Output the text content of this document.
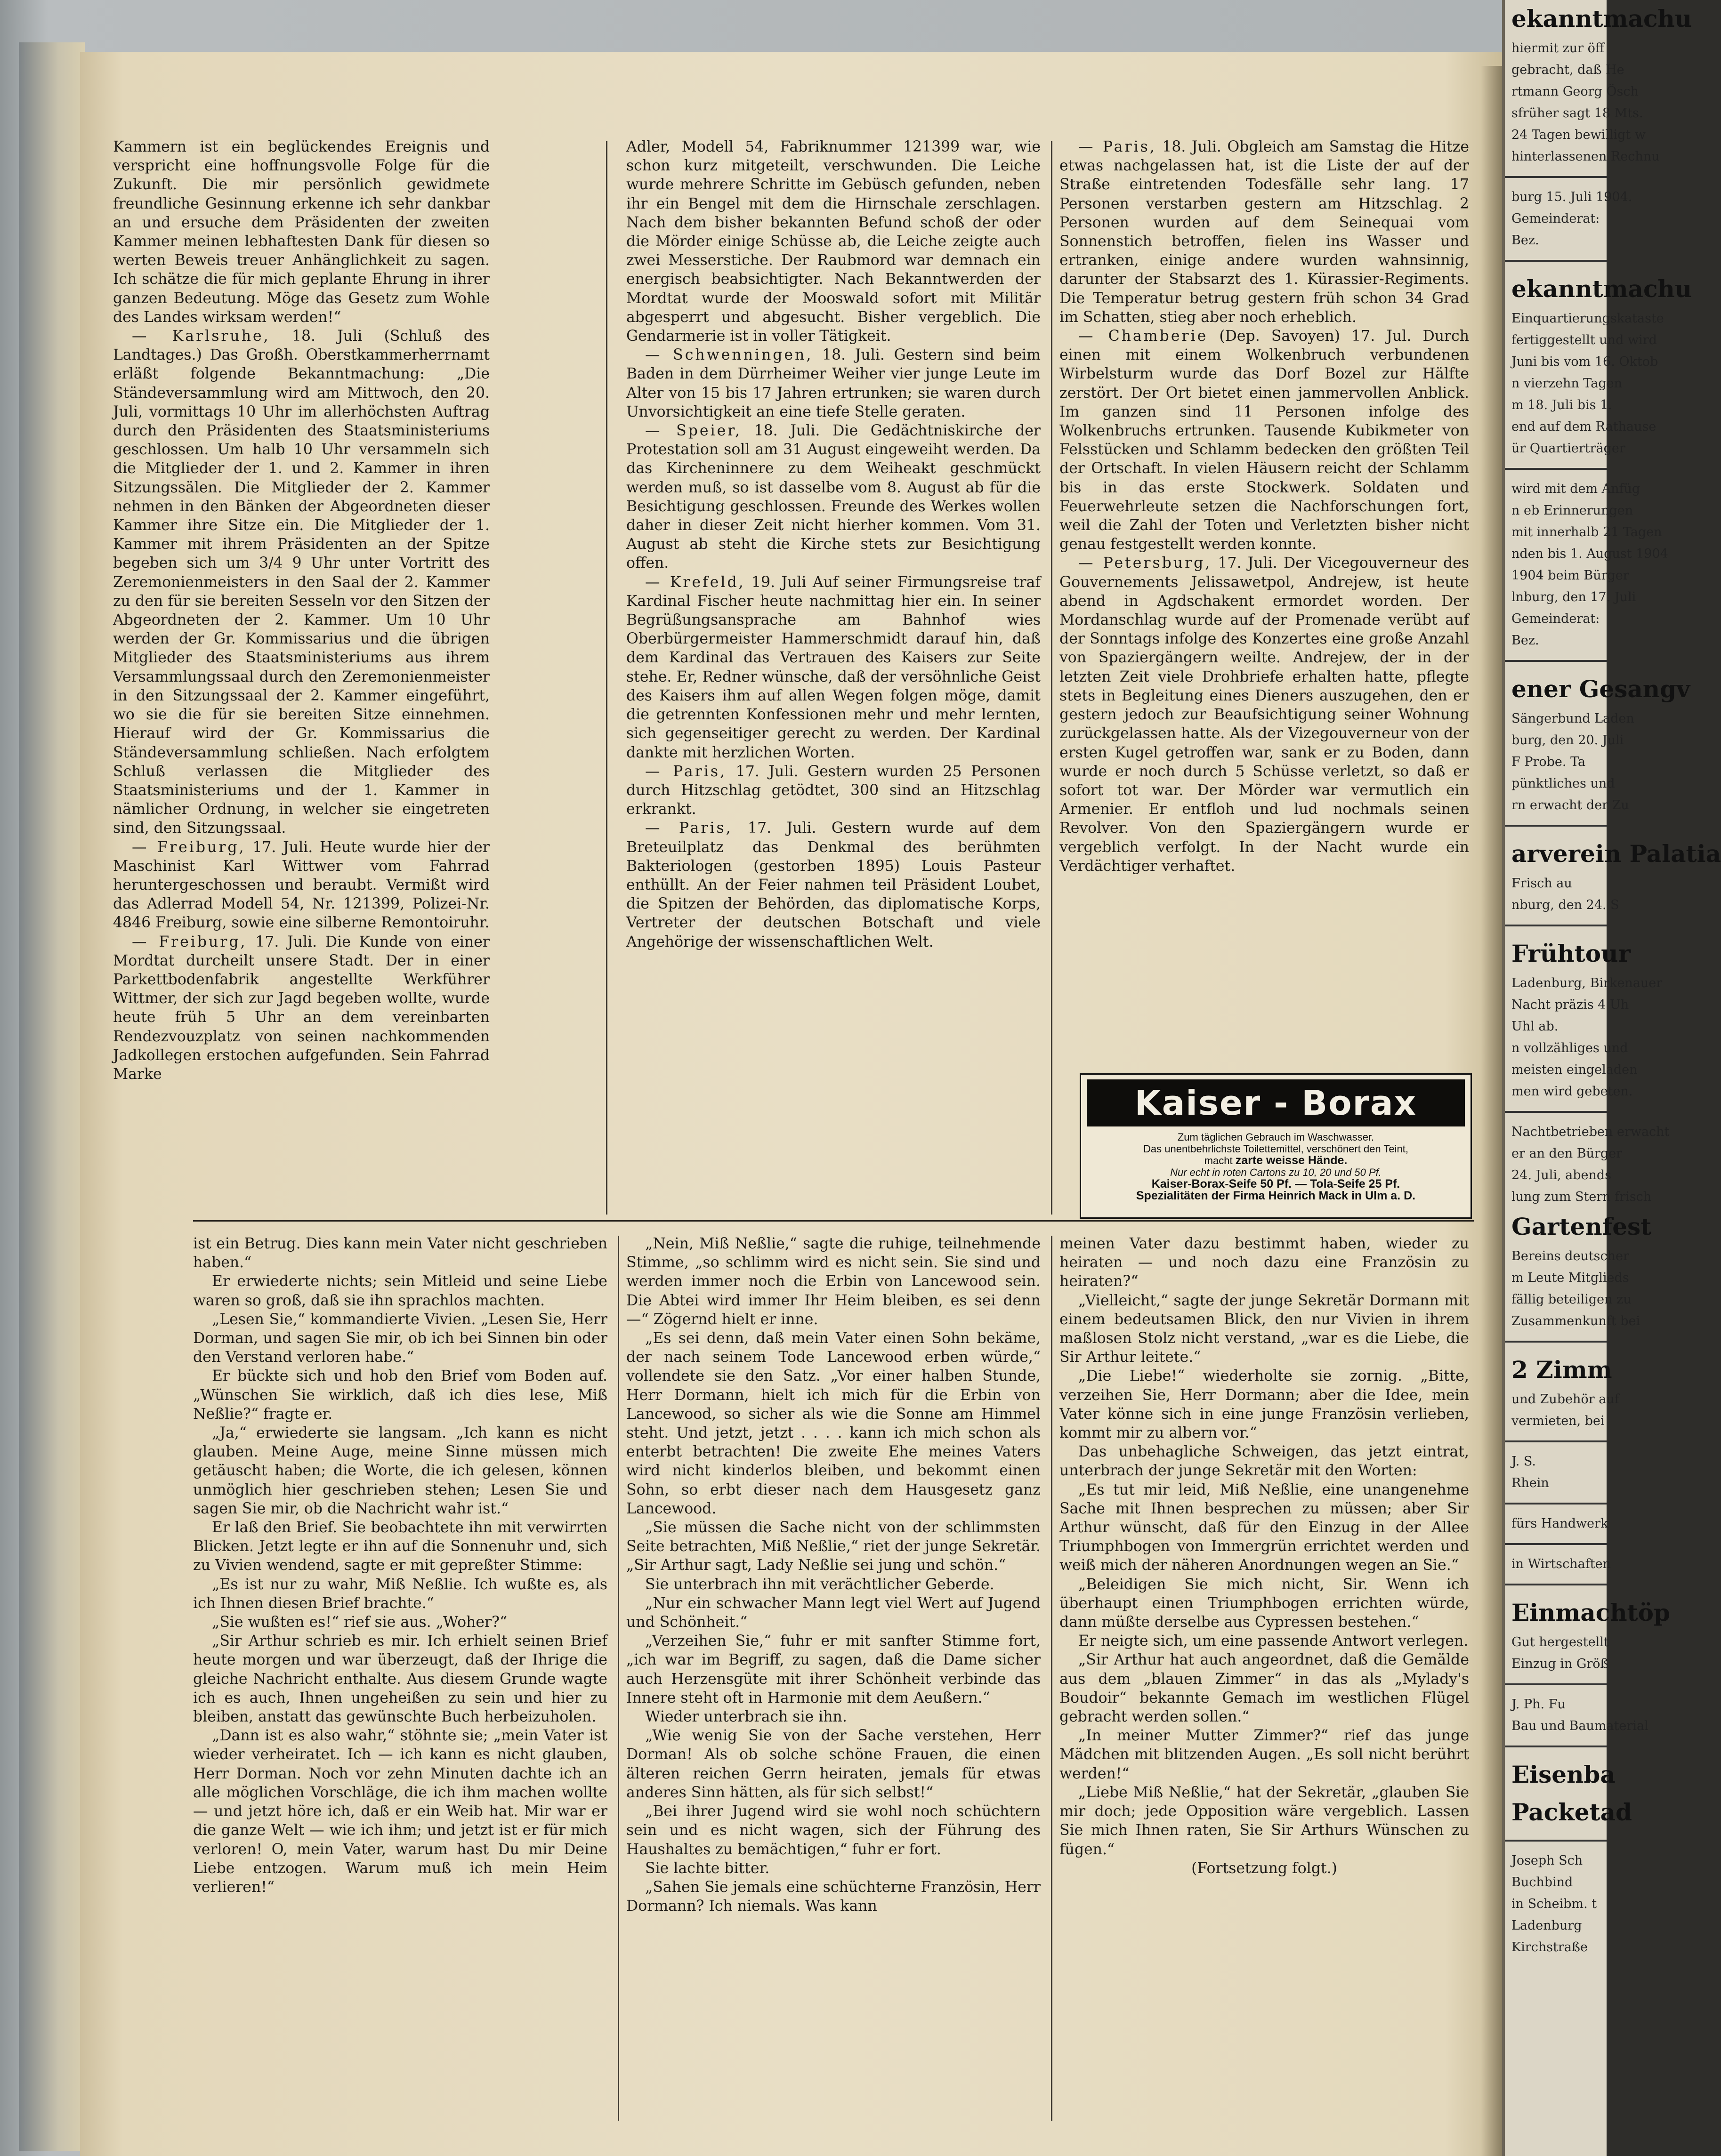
Kammern ist ein beglückendes Ereignis und verspricht eine hoffnungsvolle Folge für die Zukunft. Die mir persönlich gewidmete freundliche Gesinnung erkenne ich sehr dankbar an und ersuche dem Präsidenten der zweiten Kammer meinen lebhaftesten Dank für diesen so werten Beweis treuer Anhänglichkeit zu sagen. Ich schätze die für mich geplante Ehrung in ihrer ganzen Bedeutung. Möge das Gesetz zum Wohle des Landes wirksam werden!“

— Karlsruhe, 18. Juli (Schluß des Landtages.) Das Großh. Oberstkammerherrnamt erläßt folgende Bekanntmachung: „Die Ständeversammlung wird am Mittwoch, den 20. Juli, vormittags 10 Uhr im allerhöchsten Auftrag durch den Präsidenten des Staatsministeriums geschlossen. Um halb 10 Uhr versammeln sich die Mitglieder der 1. und 2. Kammer in ihren Sitzungssälen. Die Mitglieder der 2. Kammer nehmen in den Bänken der Abgeordneten dieser Kammer ihre Sitze ein. Die Mitglieder der 1. Kammer mit ihrem Präsidenten an der Spitze begeben sich um 3/4 9 Uhr unter Vortritt des Zeremonienmeisters in den Saal der 2. Kammer zu den für sie bereiten Sesseln vor den Sitzen der Abgeordneten der 2. Kammer. Um 10 Uhr werden der Gr. Kommissarius und die übrigen Mitglieder des Staatsministeriums aus ihrem Versammlungssaal durch den Zeremonienmeister in den Sitzungssaal der 2. Kammer eingeführt, wo sie die für sie bereiten Sitze einnehmen. Hierauf wird der Gr. Kommissarius die Ständeversammlung schließen. Nach erfolgtem Schluß verlassen die Mitglieder des Staatsministeriums und der 1. Kammer in nämlicher Ordnung, in welcher sie eingetreten sind, den Sitzungssaal.

— Freiburg, 17. Juli. Heute wurde hier der Maschinist Karl Wittwer vom Fahrrad heruntergeschossen und beraubt. Vermißt wird das Adlerrad Modell 54, Nr. 121399, Polizei-Nr. 4846 Freiburg, sowie eine silberne Remontoiruhr.

— Freiburg, 17. Juli. Die Kunde von einer Mordtat durcheilt unsere Stadt. Der in einer Parkettbodenfabrik angestellte Werkführer Wittmer, der sich zur Jagd begeben wollte, wurde heute früh 5 Uhr an dem vereinbarten Rendezvouzplatz von seinen nachkommenden Jadkollegen erstochen aufgefunden. Sein Fahrrad Marke

Adler, Modell 54, Fabriknummer 121399 war, wie schon kurz mitgeteilt, verschwunden. Die Leiche wurde mehrere Schritte im Gebüsch gefunden, neben ihr ein Bengel mit dem die Hirnschale zerschlagen. Nach dem bisher bekannten Befund schoß der oder die Mörder einige Schüsse ab, die Leiche zeigte auch zwei Messerstiche. Der Raubmord war demnach ein energisch beabsichtigter. Nach Bekanntwerden der Mordtat wurde der Mooswald sofort mit Militär abgesperrt und abgesucht. Bisher vergeblich. Die Gendarmerie ist in voller Tätigkeit.

— Schwenningen, 18. Juli. Gestern sind beim Baden in dem Dürrheimer Weiher vier junge Leute im Alter von 15 bis 17 Jahren ertrunken; sie waren durch Unvorsichtigkeit an eine tiefe Stelle geraten.

— Speier, 18. Juli. Die Gedächtniskirche der Protestation soll am 31 August eingeweiht werden. Da das Kircheninnere zu dem Weiheakt geschmückt werden muß, so ist dasselbe vom 8. August ab für die Besichtigung geschlossen. Freunde des Werkes wollen daher in dieser Zeit nicht hierher kommen. Vom 31. August ab steht die Kirche stets zur Besichtigung offen.

— Krefeld, 19. Juli Auf seiner Firmungsreise traf Kardinal Fischer heute nachmittag hier ein. In seiner Begrüßungsansprache am Bahnhof wies Oberbürgermeister Hammerschmidt darauf hin, daß dem Kardinal das Vertrauen des Kaisers zur Seite stehe. Er, Redner wünsche, daß der versöhnliche Geist des Kaisers ihm auf allen Wegen folgen möge, damit die getrennten Konfessionen mehr und mehr lernten, sich gegenseitiger gerecht zu werden. Der Kardinal dankte mit herzlichen Worten.

— Paris, 17. Juli. Gestern wurden 25 Personen durch Hitzschlag getödtet, 300 sind an Hitzschlag erkrankt.

— Paris, 17. Juli. Gestern wurde auf dem Breteuilplatz das Denkmal des berühmten Bakteriologen (gestorben 1895) Louis Pasteur enthüllt. An der Feier nahmen teil Präsident Loubet, die Spitzen der Behörden, das diplomatische Korps, Vertreter der deutschen Botschaft und viele Angehörige der wissenschaftlichen Welt.

— Paris, 18. Juli. Obgleich am Samstag die Hitze etwas nachgelassen hat, ist die Liste der auf der Straße eintretenden Todesfälle sehr lang. 17 Personen verstarben gestern am Hitzschlag. 2 Personen wurden auf dem Seinequai vom Sonnenstich betroffen, fielen ins Wasser und ertranken, einige andere wurden wahnsinnig, darunter der Stabsarzt des 1. Kürassier-Regiments. Die Temperatur betrug gestern früh schon 34 Grad im Schatten, stieg aber noch erheblich.

— Chamberie (Dep. Savoyen) 17. Jul. Durch einen mit einem Wolkenbruch verbundenen Wirbelsturm wurde das Dorf Bozel zur Hälfte zerstört. Der Ort bietet einen jammervollen Anblick. Im ganzen sind 11 Personen infolge des Wolkenbruchs ertrunken. Tausende Kubikmeter von Felsstücken und Schlamm bedecken den größten Teil der Ortschaft. In vielen Häusern reicht der Schlamm bis in das erste Stockwerk. Soldaten und Feuerwehrleute setzen die Nachforschungen fort, weil die Zahl der Toten und Verletzten bisher nicht genau festgestellt werden konnte.

— Petersburg, 17. Juli. Der Vicegouverneur des Gouvernements Jelissawetpol, Andrejew, ist heute abend in Agdschakent ermordet worden. Der Mordanschlag wurde auf der Promenade verübt auf der Sonntags infolge des Konzertes eine große Anzahl von Spaziergängern weilte. Andrejew, der in der letzten Zeit viele Drohbriefe erhalten hatte, pflegte stets in Begleitung eines Dieners auszugehen, den er gestern jedoch zur Beaufsichtigung seiner Wohnung zurückgelassen hatte. Als der Vizegouverneur von der ersten Kugel getroffen war, sank er zu Boden, dann wurde er noch durch 5 Schüsse verletzt, so daß er sofort tot war. Der Mörder war vermutlich ein Armenier. Er entfloh und lud nochmals seinen Revolver. Von den Spaziergängern wurde er vergeblich verfolgt. In der Nacht wurde ein Verdächtiger verhaftet.

Kaiser - Borax
Zum täglichen Gebrauch im Waschwasser.
Das unentbehrlichste Toilettemittel, verschönert den Teint,
macht zarte weisse Hände.
Nur echt in roten Cartons zu 10, 20 und 50 Pf.
Kaiser-Borax-Seife 50 Pf. — Tola-Seife 25 Pf.
Spezialitäten der Firma Heinrich Mack in Ulm a. D.

ist ein Betrug. Dies kann mein Vater nicht geschrieben haben.“

Er erwiederte nichts; sein Mitleid und seine Liebe waren so groß, daß sie ihn sprachlos machten.

„Lesen Sie,“ kommandierte Vivien. „Lesen Sie, Herr Dorman, und sagen Sie mir, ob ich bei Sinnen bin oder den Verstand verloren habe.“

Er bückte sich und hob den Brief vom Boden auf. „Wünschen Sie wirklich, daß ich dies lese, Miß Neßlie?“ fragte er.

„Ja,“ erwiederte sie langsam. „Ich kann es nicht glauben. Meine Auge, meine Sinne müssen mich getäuscht haben; die Worte, die ich gelesen, können unmöglich hier geschrieben stehen; Lesen Sie und sagen Sie mir, ob die Nachricht wahr ist.“

Er laß den Brief. Sie beobachtete ihn mit verwirrten Blicken. Jetzt legte er ihn auf die Sonnenuhr und, sich zu Vivien wendend, sagte er mit gepreßter Stimme:

„Es ist nur zu wahr, Miß Neßlie. Ich wußte es, als ich Ihnen diesen Brief brachte.“

„Sie wußten es!“ rief sie aus. „Woher?“

„Sir Arthur schrieb es mir. Ich erhielt seinen Brief heute morgen und war überzeugt, daß der Ihrige die gleiche Nachricht enthalte. Aus diesem Grunde wagte ich es auch, Ihnen ungeheißen zu sein und hier zu bleiben, anstatt das gewünschte Buch herbeizuholen.

„Dann ist es also wahr,“ stöhnte sie; „mein Vater ist wieder verheiratet. Ich — ich kann es nicht glauben, Herr Dorman. Noch vor zehn Minuten dachte ich an alle möglichen Vorschläge, die ich ihm machen wollte — und jetzt höre ich, daß er ein Weib hat. Mir war er die ganze Welt — wie ich ihm; und jetzt ist er für mich verloren! O, mein Vater, warum hast Du mir Deine Liebe entzogen. Warum muß ich mein Heim verlieren!“

„Nein, Miß Neßlie,“ sagte die ruhige, teilnehmende Stimme, „so schlimm wird es nicht sein. Sie sind und werden immer noch die Erbin von Lancewood sein. Die Abtei wird immer Ihr Heim bleiben, es sei denn —“ Zögernd hielt er inne.

„Es sei denn, daß mein Vater einen Sohn bekäme, der nach seinem Tode Lancewood erben würde,“ vollendete sie den Satz. „Vor einer halben Stunde, Herr Dormann, hielt ich mich für die Erbin von Lancewood, so sicher als wie die Sonne am Himmel steht. Und jetzt, jetzt . . . . kann ich mich schon als enterbt betrachten! Die zweite Ehe meines Vaters wird nicht kinderlos bleiben, und bekommt einen Sohn, so erbt dieser nach dem Hausgesetz ganz Lancewood.

„Sie müssen die Sache nicht von der schlimmsten Seite betrachten, Miß Neßlie,“ riet der junge Sekretär. „Sir Arthur sagt, Lady Neßlie sei jung und schön.“

Sie unterbrach ihn mit verächtlicher Geberde.

„Nur ein schwacher Mann legt viel Wert auf Jugend und Schönheit.“

„Verzeihen Sie,“ fuhr er mit sanfter Stimme fort, „ich war im Begriff, zu sagen, daß die Dame sicher auch Herzensgüte mit ihrer Schönheit verbinde das Innere steht oft in Harmonie mit dem Aeußern.“

Wieder unterbrach sie ihn.

„Wie wenig Sie von der Sache verstehen, Herr Dorman! Als ob solche schöne Frauen, die einen älteren reichen Gerrn heiraten, jemals für etwas anderes Sinn hätten, als für sich selbst!“

„Bei ihrer Jugend wird sie wohl noch schüchtern sein und es nicht wagen, sich der Führung des Haushaltes zu bemächtigen,“ fuhr er fort.

Sie lachte bitter.

„Sahen Sie jemals eine schüchterne Französin, Herr Dormann? Ich niemals. Was kann

meinen Vater dazu bestimmt haben, wieder zu heiraten — und noch dazu eine Französin zu heiraten?“

„Vielleicht,“ sagte der junge Sekretär Dormann mit einem bedeutsamen Blick, den nur Vivien in ihrem maßlosen Stolz nicht verstand, „war es die Liebe, die Sir Arthur leitete.“

„Die Liebe!“ wiederholte sie zornig. „Bitte, verzeihen Sie, Herr Dormann; aber die Idee, mein Vater könne sich in eine junge Französin verlieben, kommt mir zu albern vor.“

Das unbehagliche Schweigen, das jetzt eintrat, unterbrach der junge Sekretär mit den Worten:

„Es tut mir leid, Miß Neßlie, eine unangenehme Sache mit Ihnen besprechen zu müssen; aber Sir Arthur wünscht, daß für den Einzug in der Allee Triumphbogen von Immergrün errichtet werden und weiß mich der näheren Anordnungen wegen an Sie.“

„Beleidigen Sie mich nicht, Sir. Wenn ich überhaupt einen Triumphbogen errichten würde, dann müßte derselbe aus Cypressen bestehen.“

Er neigte sich, um eine passende Antwort verlegen.

„Sir Arthur hat auch angeordnet, daß die Gemälde aus dem „blauen Zimmer“ in das als „Mylady's Boudoir“ bekannte Gemach im westlichen Flügel gebracht werden sollen.“

„In meiner Mutter Zimmer?“ rief das junge Mädchen mit blitzenden Augen. „Es soll nicht berührt werden!“

„Liebe Miß Neßlie,“ hat der Sekretär, „glauben Sie mir doch; jede Opposition wäre vergeblich. Lassen Sie mich Ihnen raten, Sie Sir Arthurs Wünschen zu fügen.“

(Fortsetzung folgt.)

ekanntmachu
hiermit zur öff
gebracht, daß He
rtmann Georg Ösch
sfrüher sagt 18 Mts.
24 Tagen bewilligt w
hinterlassenen Rechnu
burg 15. Juli 1904.
Gemeinderat:
Bez.
ekanntmachu
Einquartierungskataste
fertiggestellt und wird
Juni bis vom 16. Oktob
n vierzehn Tagen
m 18. Juli bis 1.
end auf dem Rathause
ür Quartierträger
wird mit dem Anfüg
n eb Erinnerungen
mit innerhalb 21 Tagen
nden bis 1. August 1904
1904 beim Bürger
lnburg, den 17. Juli
Gemeinderat:
Bez.
ener Gesangv
Sängerbund Laden
burg, den 20. Juli
F Probe. Ta
pünktliches und
rn erwacht der Zu
arverein Palatia
Frisch au
nburg, den 24. S
Frühtour
Ladenburg, Birkenauer
Nacht präzis 4 Uh
Uhl ab.
n vollzähliges und
meisten eingeladen
men wird gebeten.
Nachtbetrieben erwacht
er an den Bürger
24. Juli, abends
lung zum Stern frisch
Gartenfest
Bereins deutscher
m Leute Mitglieds
fällig beteiligen zu
Zusammenkunft bei
2 Zimm
und Zubehör auf
vermieten, bei
J. S.
Rhein
fürs Handwerk
in Wirtschaften
Einmachtöp
Gut hergestellt
Einzug in Größ
J. Ph. Fu
Bau und Baumaterial
Eisenba
Packetad
Joseph Sch
Buchbind
in Scheibm. t
Ladenburg
Kirchstraße
